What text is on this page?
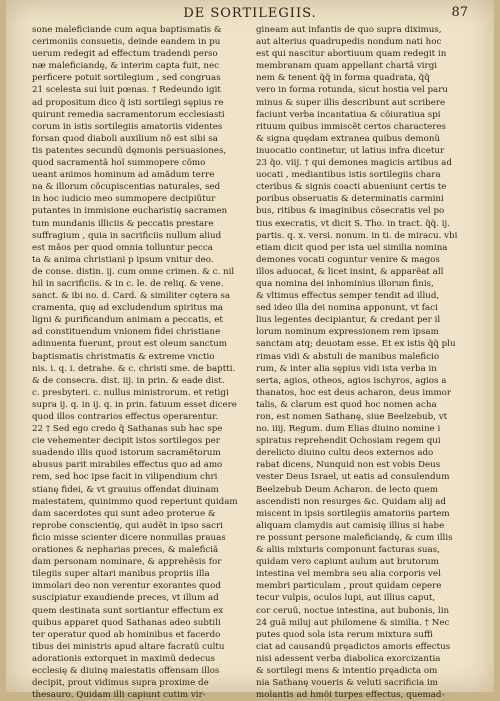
DE SORTILEGIIS.	87
sone maleficiande cum aqua baptismatis &
cerimoniis consuetis, deinde eandem in pu
uerum redegit ad effectum tradendi perso
næ maleficiandę, & interim capta fuit, nec
perficere potuit sortilegium , sed congruas
21 scelesta sui luit pœnas. † Redeundo igit
ad propositum dico q̃ isti sortilegi sępius re
quirunt remedia sacramentorum ecclesiasti
corum in istis sortilegiis amatoriis videntes
forsan quod diaboli auxilium nõ est sibi sa
tis patentes secundũ dęmonis persuasiones,
quod sacramentã hoĩ summopere cõmo
ueant animos hominum ad amãdum terre
na & illorum cõcupiscentias naturales, sed
in hoc iudicio meo summopere decipiũtur
putantes in immisione eucharistię sacramen
tum mundanis illiciis & peccatis prestare
suffragium , quia in sacrificiis nullum aliud
est mãos per quod omnia tolluntur pecca
ta & anima christiani p ipsum vnitur deo.
de conse. distin. ij. cum omne crimen. & c. nil
hil in sacrificiis. & in c. le. de reliq. & vene.
sanct. & ibi no. d. Card. & similiter cętera sa
cramenta, quę ad excludendum spiritus ma
ligni & purificandum animam a peccatis, et
ad constituendum vnionem fidei christiane
adinuenta fuerunt, prout est oleum sanctum
baptismatis christmatis & extreme vnctio
nis. i. q. i. detrahe. & c. christi sme. de baptti.
& de consecra. dist. iij. in prin. & eade dist.
c. presbyteri. c. nullus ministrorum. et retigi
supra ij. q. in ij. q. in prin. fatuum esset dicere
quod illos contrarios effectus operarentur.
22 † Sed ego credo q̃ Sathanas sub hac spe
cie vehementer decipit istos sortilegos per
suadendo illis quod istorum sacramẽtorum
abusus parit mirabiles effectus quo ad amo
rem, sed hoc ipse facit in vilipendium chri
stianę fidei, & vt grauius offendat diuinam
maiestatem, quinimmo quod reperiunt quidam
dam sacerdotes qui sunt adeo proterue &
reprobe conscientię, qui audẽt in ipso sacri
ficio misse scienter dicere nonnullas prauas
orationes & nepharias preces, & maleficiã
dam personam nominare, & apprehẽsis for
tilegiis super altari manibus propriis illa
immolari deo non verentur exorantes quod
suscipiatur exaudiende preces, vt illum ad
quem destinata sunt sortiantur effectum ex
quibus apparet quod Sathanas adeo subtili
ter operatur quod ab hominibus et facerdo
tibus dei ministris apud altare facratũ cultu
adorationis extorquet in maximũ dedecus
ecclesię & diuinę maiestatis offensam illos
decipit, prout vidimus supra proxime de
thesauro. Quidam illi capiunt cutim vir-
gineam aut infantis de quo supra diximus,
aut alterius quadrupedis nondum nati hoc
est qui nascitur abortiuum quam redegit in
membranam quam appellant chartã virgi
nem & tenent q̃q̃ in forma quadrata, q̃q̃
vero in forma rotunda, sicut hostia vel paru
minus & super illis describunt aut scribere
faciunt verba incantatiua & cõiuratiua spi
rituum quibus immiscẽt certos characteres
& signa quędam extranea quibus demonũ
inuocatio continetur, ut latius infra dicetur
23 q̃o. viij. † qui demones magicis artibus ad
uocati , mediantibus istis sortilegiis chara
cteribus & signis coacti abueniunt certis te
poribus obseruatis & determinatis carmini
bus, ritibus & imaginibus cõsecratis vel po
tius execratis, vt dicit S. Tho. in tract. q̃q̃. ij.
partis. q. x. versi. nonum. in ti. de miracu. vbi
etiam dicit quod per ista uel similia nomina
demones vocati coguntur venire & magos
illos aduocat, & licet insint, & apparẽat alĩ
qua nomina dei inhominius illorum finis,
& vltimus effectus semper tendit ad illud,
sed ideo illa dei nomina apponunt, vt faci
lius legentes decipiantur, & credant per il
lorum nominum expressionem rem ipsam
sanctam atq; deuotam esse. Et ex istis q̃q̃ plu
rimas vidi & abstuli de manibus maleficio
rum, & inter alia sępius vidi ista verba in
serta, agios, otheos, agios ischyros, agios a
thanatos, hoc est deus acharon, deus immor
talis, & clarum est quod hoc nomen acha
ron, est nomen Sathanę, siue Beelzebub, vt
no. iiij. Regum. dum Elias diuino nomine i
spiratus reprehendit Ochosiam regem qui
derelicto diuino cultu deos externos ado
rabat dicens, Nunquid non est vobis Deus
vester Deus Israel, ut eatis ad consulendum
Beelzebub Deum Acharon. de lecto quem
ascendisti non resurges &c. Quidam alij ad
miscent in ipsis sortilegiis amatoriis partem
aliquam clamydis aut camisię illius si habe
re possunt persone maleficiandę, & cum illis
& aliis mixturis componunt facturas suas,
quidam vero capiunt aulum aut brutorum
intestina vel membra seu alia corporis vel
membri particulam , prout quidam cepere
tecur vulpis, oculos lupi, aut illius caput,
cor ceruũ, noctue intestina, aut bubonis, lin
24 guã miluj aut philomene & similia. † Nec
putes quod sola ista rerum mixtura suffi
ciat ad causandũ pręadictos amoris effectus
nisi adessent verba diabolica exorcizantia
& sortilegi mens & intentio pręadicta om
nia Sathanę voueris & veluti sacrificia im
molantis ad hmõi turpes effectus, quemad-
